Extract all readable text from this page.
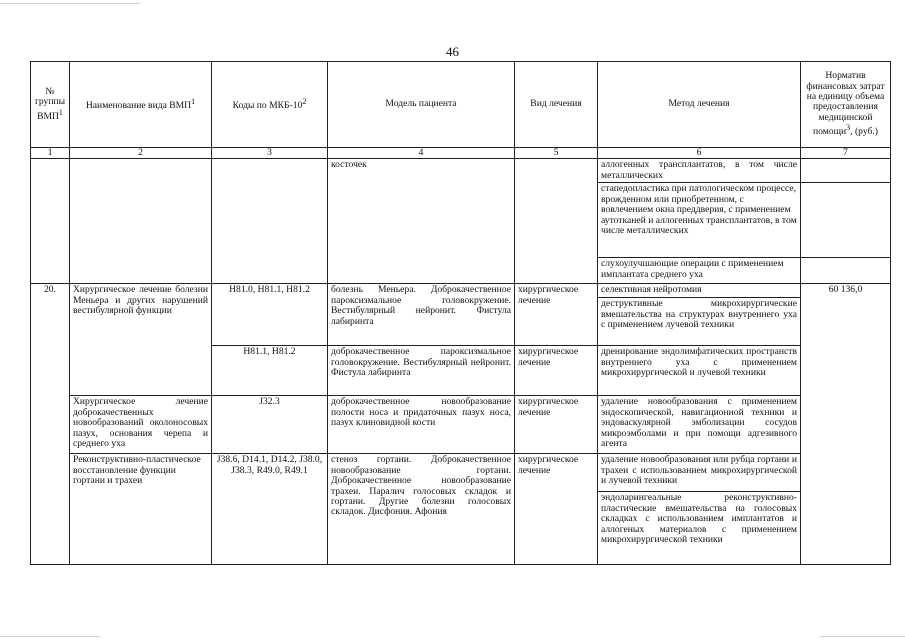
46
№ группы ВМП$^1$	Наименование вида ВМП$^1$	Коды по МКБ-$10^2$	Модель пациента	Вид лечения	Метод лечения	Норматив финансовых затрат на единицу объема предоставления медицинской помощи$^3$, (руб.)
1	2	3	4	5	6	7
			косточек		аллогенных трансплантатов, в том числе металлических	
					стапедопластика при патологическом процессе, врожденном или приобретенном, с вовлечением окна преддверия, с применением аутотканей и аллогенных трансплантатов, в том числе металлических	
					слухоулучшающие операции с применением имплантата среднего уха	
20.	Хирургическое лечение болезни Меньера и других нарушений вестибулярной функции	H81.0, H81.1, H81.2	болезнь Меньера. Доброкачественное пароксизмальное головокружение. Вестибулярный нейронит. Фистула лабиринта	хирургическое лечение	селективная нейротомия	60 136,0
					деструктивные микрохирургические вмешательства на структурах внутреннего уха с применением лучевой техники	
		H81.1, H81.2	доброкачественное пароксизмальное головокружение. Вестибулярный нейронит. Фистула лабиринта	хирургическое лечение	дренирование эндолимфатических пространств внутреннего уха с применением микрохирургической и лучевой техники	
	Хирургическое лечение доброкачественных новообразований околоносовых пазух, основания черепа и среднего уха	J32.3	доброкачественное новообразование полости носа и придаточных пазух носа, пазух клиновидной кости	хирургическое лечение	удаление новообразования с применением эндоскопической, навигационной техники и эндоваскулярной эмболизации сосудов микроэмболами и при помощи адгезивного агента	
	Реконструктивно-пластическое восстановление функции гортани и трахеи	J38.6, D14.1, D14.2, J38.0, J38.3, R49.0, R49.1	стеноз гортани. Доброкачественное новообразование гортани. Доброкачественное новообразование трахеи. Паралич голосовых складок и гортани. Другие болезни голосовых складок. Дисфония. Афония	хирургическое лечение	удаление новообразования или рубца гортани и трахеи с использованием микрохирургической и лучевой техники	
					эндоларингеальные реконструктивно-пластические вмешательства на голосовых складках с использованием имплантатов и аллогеных материалов с применением микрохирургической техники	
